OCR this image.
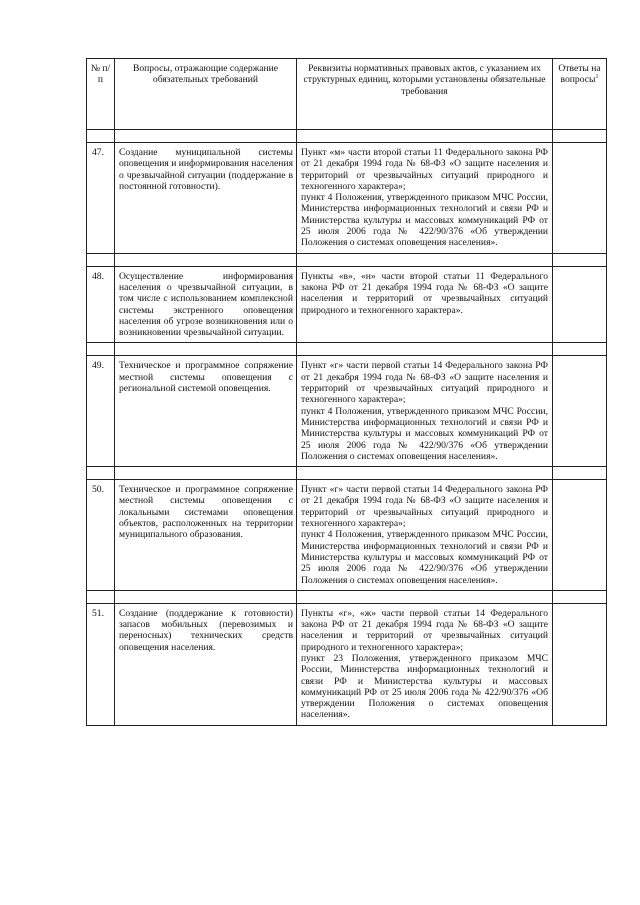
№ п/п	Вопросы, отражающие содержание обязательных требований	Реквизиты нормативных правовых актов, с указанием их структурных единиц, которыми установлены обязательные требования	Ответы на вопросы$^1$

47.	Создание муниципальной системы оповещения и информирования населения о чрезвычайной ситуации (поддержание в постоянной готовности).	Пункт «м» части второй статьи 11 Федерального закона РФ от 21 декабря 1994 года № 68-ФЗ «О защите населения и территорий от чрезвычайных ситуаций природного и техногенного характера»;
пункт 4 Положения, утвержденного приказом МЧС России, Министерства информационных технологий и связи РФ и Министерства культуры и массовых коммуникаций РФ от 25 июля 2006 года № 422/90/376 «Об утверждении Положения о системах оповещения населения».	

48.	Осуществление информирования населения о чрезвычайной ситуации, в том числе с использованием комплексной системы экстренного оповещения населения об угрозе возникновения или о возникновении чрезвычайной ситуации.	Пункты «в», «н» части второй статьи 11 Федерального закона РФ от 21 декабря 1994 года № 68-ФЗ «О защите населения и территорий от чрезвычайных ситуаций природного и техногенного характера».	

49.	Техническое и программное сопряжение местной системы оповещения с региональной системой оповещения.	Пункт «г» части первой статьи 14 Федерального закона РФ от 21 декабря 1994 года № 68-ФЗ «О защите населения и территорий от чрезвычайных ситуаций природного и техногенного характера»;
пункт 4 Положения, утвержденного приказом МЧС России, Министерства информационных технологий и связи РФ и Министерства культуры и массовых коммуникаций РФ от 25 июля 2006 года № 422/90/376 «Об утверждении Положения о системах оповещения населения».	

50.	Техническое и программное сопряжение местной системы оповещения с локальными системами оповещения объектов, расположенных на территории муниципального образования.	Пункт «г» части первой статьи 14 Федерального закона РФ от 21 декабря 1994 года № 68-ФЗ «О защите населения и территорий от чрезвычайных ситуаций природного и техногенного характера»;
пункт 4 Положения, утвержденного приказом МЧС России, Министерства информационных технологий и связи РФ и Министерства культуры и массовых коммуникаций РФ от 25 июля 2006 года № 422/90/376 «Об утверждении Положения о системах оповещения населения».	

51.	Создание (поддержание к готовности) запасов мобильных (перевозимых и переносных) технических средств оповещения населения.	Пункты «г», «ж» части первой статьи 14 Федерального закона РФ от 21 декабря 1994 года № 68-ФЗ «О защите населения и территорий от чрезвычайных ситуаций природного и техногенного характера»;
пункт 23 Положения, утвержденного приказом МЧС России, Министерства информационных технологий и связи РФ и Министерства культуры и массовых коммуникаций РФ от 25 июля 2006 года № 422/90/376 «Об утверждении Положения о системах оповещения населения».	
